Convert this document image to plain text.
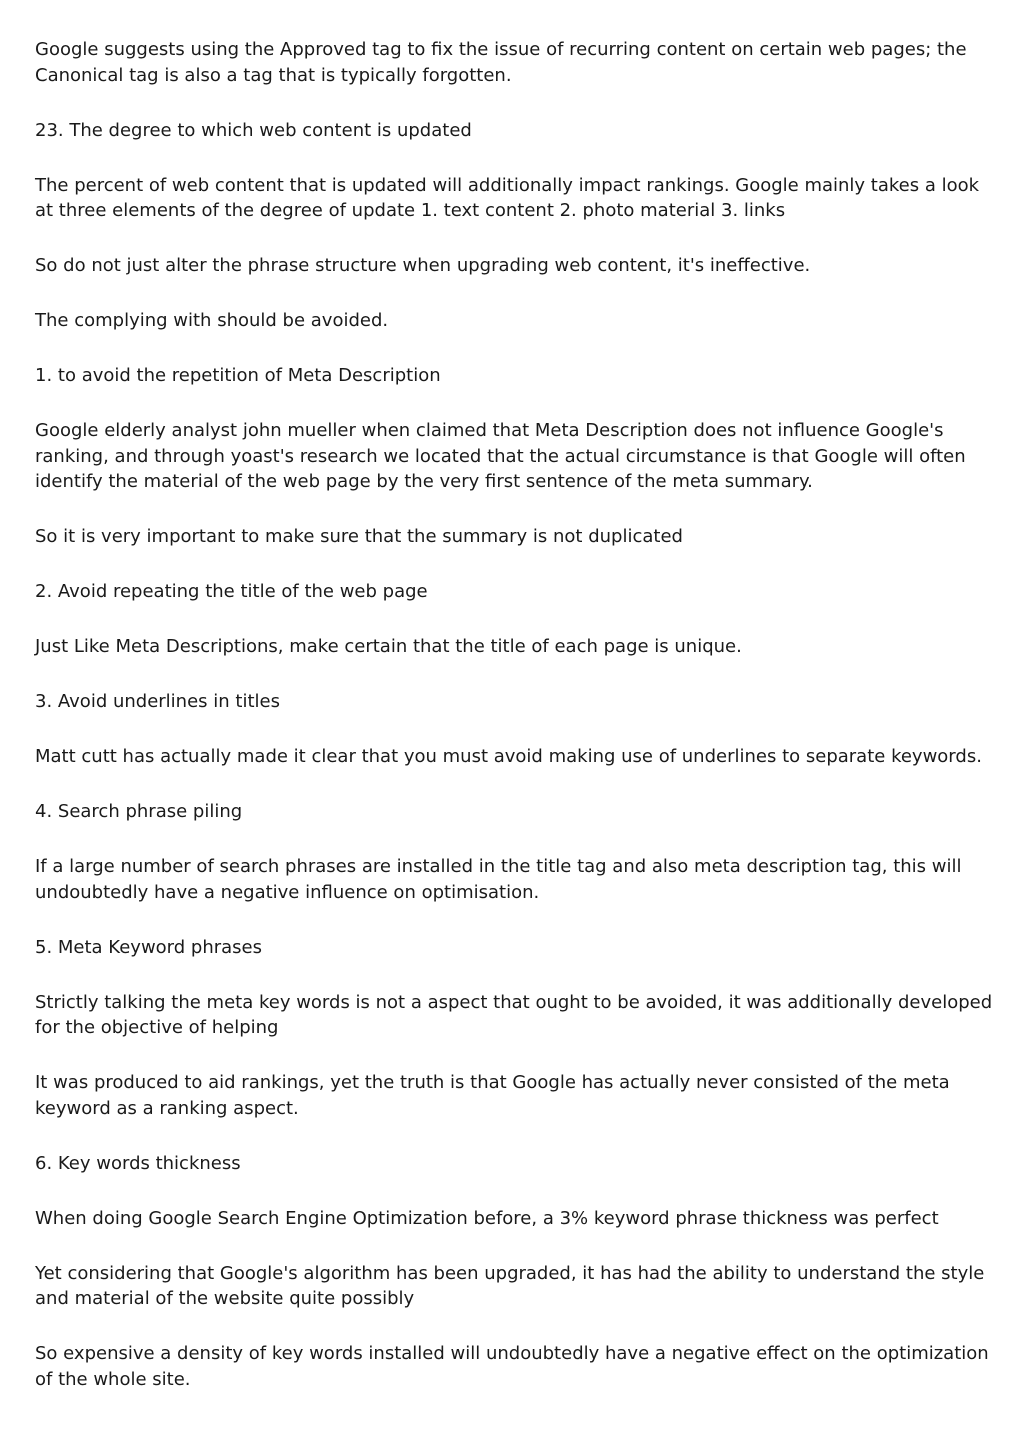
Google suggests using the Approved tag to fix the issue of recurring content on certain web pages; the Canonical tag is also a tag that is typically forgotten.

23. The degree to which web content is updated

The percent of web content that is updated will additionally impact rankings. Google mainly takes a look at three elements of the degree of update 1. text content 2. photo material 3. links

So do not just alter the phrase structure when upgrading web content, it's ineffective.

The complying with should be avoided.

1. to avoid the repetition of Meta Description

Google elderly analyst john mueller when claimed that Meta Description does not influence Google's ranking, and through yoast's research we located that the actual circumstance is that Google will often identify the material of the web page by the very first sentence of the meta summary.

So it is very important to make sure that the summary is not duplicated

2. Avoid repeating the title of the web page

Just Like Meta Descriptions, make certain that the title of each page is unique.

3. Avoid underlines in titles

Matt cutt has actually made it clear that you must avoid making use of underlines to separate keywords.

4. Search phrase piling

If a large number of search phrases are installed in the title tag and also meta description tag, this will undoubtedly have a negative influence on optimisation.

5. Meta Keyword phrases

Strictly talking the meta key words is not a aspect that ought to be avoided, it was additionally developed for the objective of helping

It was produced to aid rankings, yet the truth is that Google has actually never consisted of the meta keyword as a ranking aspect.

6. Key words thickness

When doing Google Search Engine Optimization before, a 3% keyword phrase thickness was perfect

Yet considering that Google's algorithm has been upgraded, it has had the ability to understand the style and material of the website quite possibly

So expensive a density of key words installed will undoubtedly have a negative effect on the optimization of the whole site.
